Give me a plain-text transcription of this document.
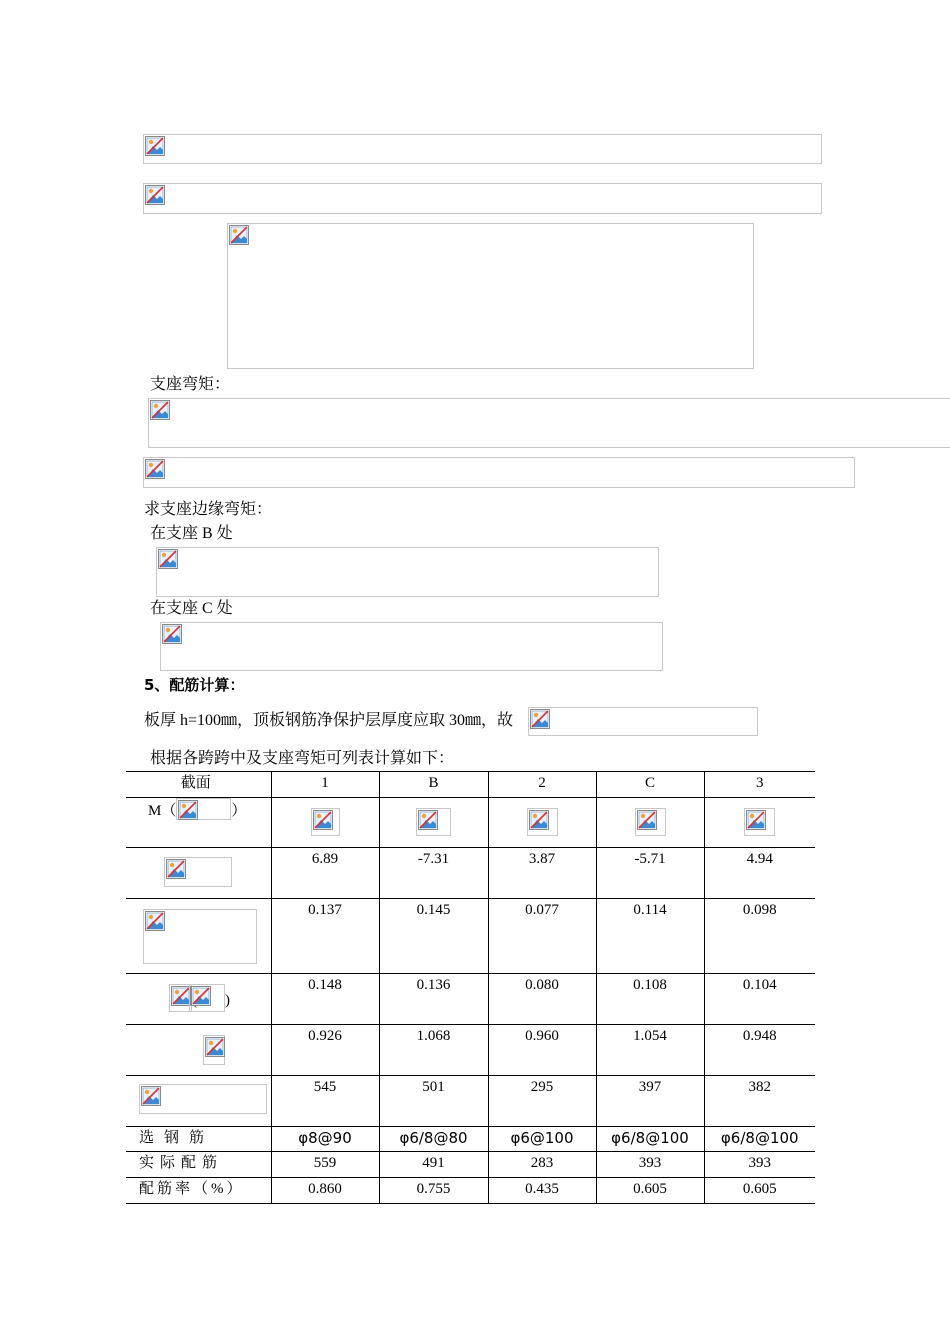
支座弯矩：
求支座边缘弯矩：
在支座 B 处
在支座 C 处
5、配筋计算：
板厚 h=100㎜，顶板钢筋净保护层厚度应取 30㎜，故
根据各跨跨中及支座弯矩可列表计算如下：
截面	1	B	2	C	3
M（ ）	

	6.89	-7.31	3.87	-5.71	4.94

	0.137	0.145	0.077	0.114	0.098

)	0.148	0.136	0.080	0.108	0.104

	0.926	1.068	0.960	1.054	0.948

	545	501	295	397	382
选钢筋	φ8@90	φ6/8@80	φ6@100	φ6/8@100	φ6/8@100
实际配筋	559	491	283	393	393
配筋率（%）	0.860	0.755	0.435	0.605	0.605
